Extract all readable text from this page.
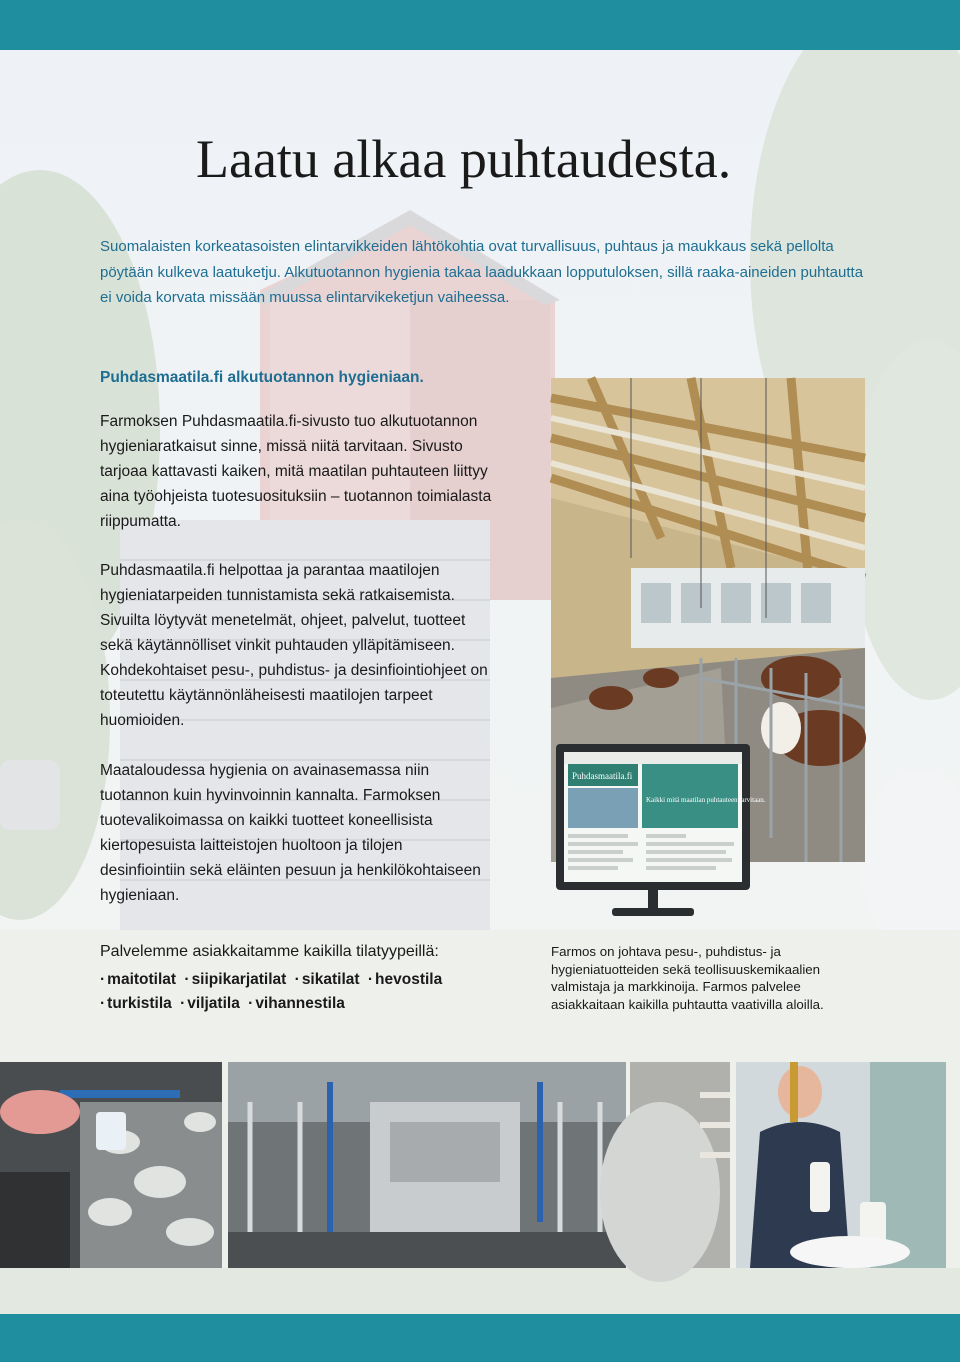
Laatu alkaa puhtaudesta.

Suomalaisten korkeatasoisten elintarvikkeiden lähtökohtia ovat turvallisuus, puhtaus ja maukkaus sekä pellolta pöytään kulkeva laatuketju. Alkutuotannon hygienia takaa laadukkaan lopputuloksen, sillä raaka-aineiden puhtautta ei voida korvata missään muussa elintarvikeketjun vaiheessa.

Puhdasmaatila.fi alkutuotannon hygieniaan.

Farmoksen Puhdasmaatila.fi-sivusto tuo alkutuotannon hygieniaratkaisut sinne, missä niitä tarvitaan. Sivusto tarjoaa kattavasti kaiken, mitä maatilan puhtauteen liittyy aina työohjeista tuotesuosituksiin – tuotannon toimialasta riippumatta.

Puhdasmaatila.fi helpottaa ja parantaa maatilojen hygieniatarpeiden tunnistamista sekä ratkaisemista. Sivuilta löytyvät menetelmät, ohjeet, palvelut, tuotteet sekä käytännölliset vinkit puhtauden ylläpitämiseen. Kohdekohtaiset pesu-, puhdistus- ja desinfiointiohjeet on toteutettu käytännönläheisesti maatilojen tarpeet huomioiden.

Maataloudessa hygienia on avainasemassa niin tuotannon kuin hyvinvoinnin kannalta. Farmoksen tuotevalikoimassa on kaikki tuotteet koneellisista kiertopesuista laitteistojen huoltoon ja tilojen desinfiointiin sekä eläinten pesuun ja henkilökohtaiseen hygieniaan.

Puhdasmaatila.fi
Kaikki mitä maatilan puhtauteen tarvitaan.

Palvelemme asiakkaitamme kaikilla tilatyypeillä:

· maitotilat · siipikarjatilat · sikatilat · hevostila

· turkistila · viljatila · vihannestila

Farmos on johtava pesu-, puhdistus- ja hygieniatuotteiden sekä teollisuuskemikaalien valmistaja ja markkinoija. Farmos palvelee asiakkaitaan kaikilla puhtautta vaativilla aloilla.
